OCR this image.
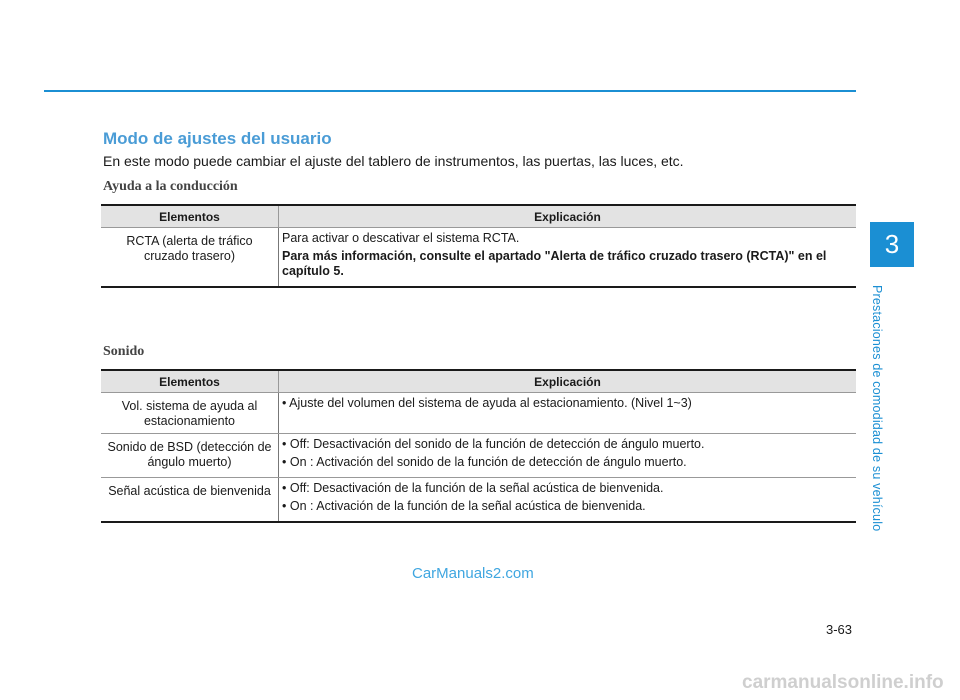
Modo de ajustes del usuario
En este modo puede cambiar el ajuste del tablero de instrumentos, las puertas, las luces, etc.
Ayuda a la conducción
Elementos	Explicación
RCTA (alerta de tráfico cruzado trasero)	Para activar o descativar el sistema RCTA.
Para más información, consulte el apartado "Alerta de tráfico cruzado trasero (RCTA)" en el capítulo 5.
Sonido
Elementos	Explicación
Vol. sistema de ayuda al estacionamiento	• Ajuste del volumen del sistema de ayuda al estacionamiento. (Nivel 1~3)

Sonido de BSD (detección de ángulo muerto)	• Off: Desactivación del sonido de la función de detección de ángulo muerto.
• On : Activación del sonido de la función de detección de ángulo muerto.

Señal acústica de bienvenida	• Off: Desactivación de la función de la señal acústica de bienvenida.
• On : Activación de la función de la señal acústica de bienvenida.
3
Prestaciones de comodidad de su vehículo
3-63
CarManuals2.com
carmanualsonline.info
